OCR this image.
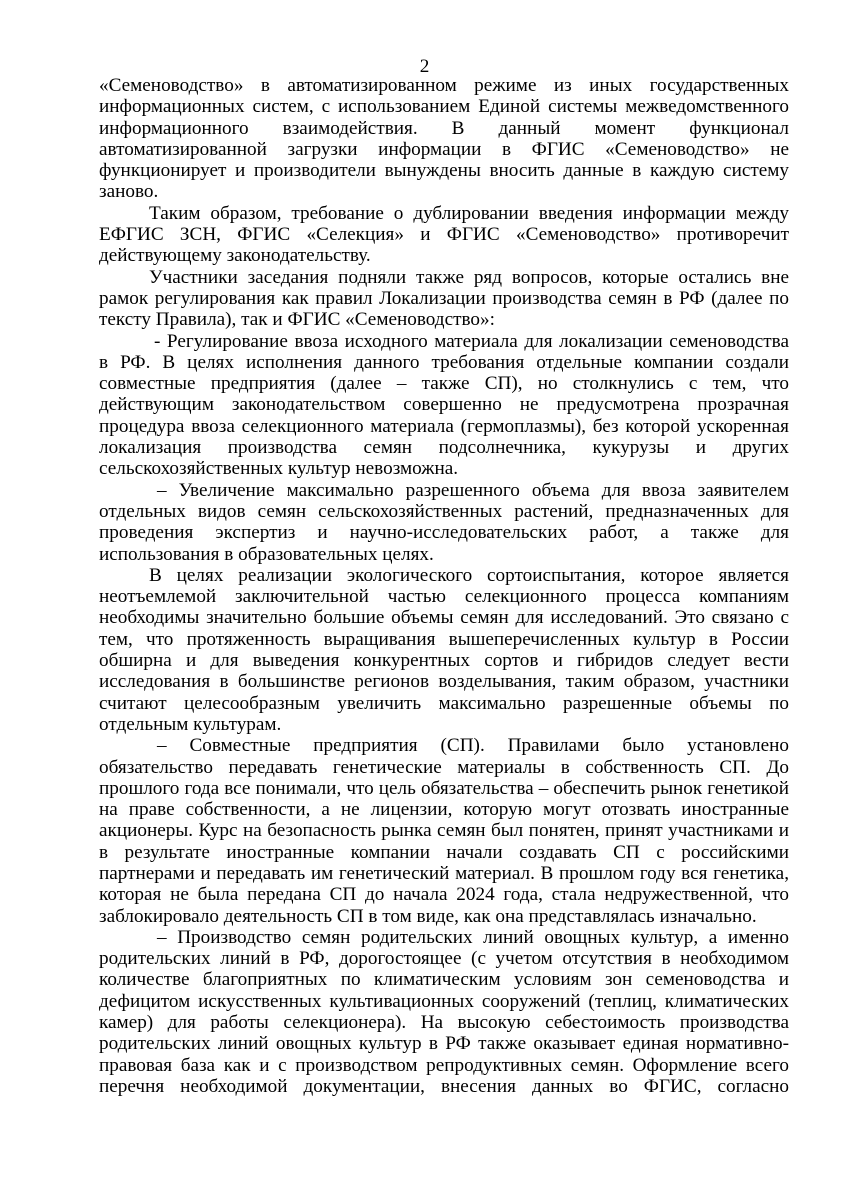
2

«Семеноводство» в автоматизированном режиме из иных государственных информационных систем, с использованием Единой системы межведомственного информационного взаимодействия. В данный момент функционал автоматизированной загрузки информации в ФГИС «Семеноводство» не функционирует и производители вынуждены вносить данные в каждую систему заново.

Таким образом, требование о дублировании введения информации между ЕФГИС ЗСН, ФГИС «Селекция» и ФГИС «Семеноводство» противоречит действующему законодательству.

Участники заседания подняли также ряд вопросов, которые остались вне рамок регулирования как правил Локализации производства семян в РФ (далее по тексту Правила), так и ФГИС «Семеноводство»:

- Регулирование ввоза исходного материала для локализации семеноводства в РФ. В целях исполнения данного требования отдельные компании создали совместные предприятия (далее – также СП), но столкнулись с тем, что действующим законодательством совершенно не предусмотрена прозрачная процедура ввоза селекционного материала (гермоплазмы), без которой ускоренная локализация производства семян подсолнечника, кукурузы и других сельскохозяйственных культур невозможна.

– Увеличение максимально разрешенного объема для ввоза заявителем отдельных видов семян сельскохозяйственных растений, предназначенных для проведения экспертиз и научно-исследовательских работ, а также для использования в образовательных целях.

В целях реализации экологического сортоиспытания, которое является неотъемлемой заключительной частью селекционного процесса компаниям необходимы значительно большие объемы семян для исследований. Это связано с тем, что протяженность выращивания вышеперечисленных культур в России обширна и для выведения конкурентных сортов и гибридов следует вести исследования в большинстве регионов возделывания, таким образом, участники считают целесообразным увеличить максимально разрешенные объемы по отдельным культурам.

– Совместные предприятия (СП). Правилами было установлено обязательство передавать генетические материалы в собственность СП. До прошлого года все понимали, что цель обязательства – обеспечить рынок генетикой на праве собственности, а не лицензии, которую могут отозвать иностранные акционеры. Курс на безопасность рынка семян был понятен, принят участниками и в результате иностранные компании начали создавать СП с российскими партнерами и передавать им генетический материал. В прошлом году вся генетика, которая не была передана СП до начала 2024 года, стала недружественной, что заблокировало деятельность СП в том виде, как она представлялась изначально.

– Производство семян родительских линий овощных культур, а именно родительских линий в РФ, дорогостоящее (с учетом отсутствия в необходимом количестве благоприятных по климатическим условиям зон семеноводства и дефицитом искусственных культивационных сооружений (теплиц, климатических камер) для работы селекционера). На высокую себестоимость производства родительских линий овощных культур в РФ также оказывает единая нормативно-правовая база как и с производством репродуктивных семян. Оформление всего перечня необходимой документации, внесения данных во ФГИС, согласно
